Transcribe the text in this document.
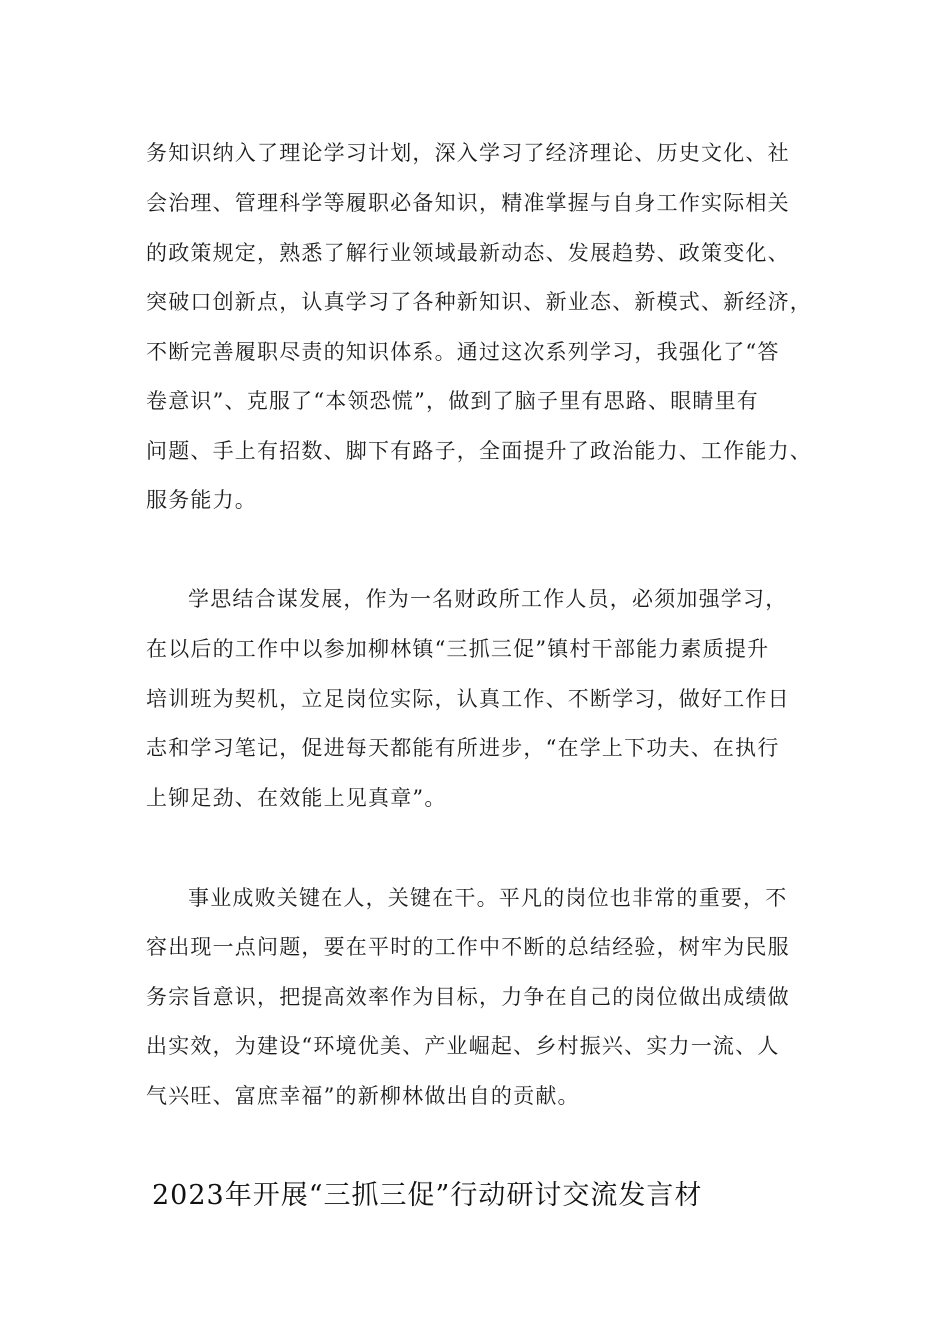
务知识纳入了理论学习计划，深入学习了经济理论、历史文化、社
会治理、管理科学等履职必备知识，精准掌握与自身工作实际相关
的政策规定，熟悉了解行业领域最新动态、发展趋势、政策变化、
突破口创新点，认真学习了各种新知识、新业态、新模式、新经济，
不断完善履职尽责的知识体系。通过这次系列学习，我强化了“答
卷意识”、克服了“本领恐慌”，做到了脑子里有思路、眼睛里有
问题、手上有招数、脚下有路子，全面提升了政治能力、工作能力、
服务能力。
学思结合谋发展，作为一名财政所工作人员，必须加强学习，
在以后的工作中以参加柳林镇“三抓三促”镇村干部能力素质提升
培训班为契机，立足岗位实际，认真工作、不断学习，做好工作日
志和学习笔记，促进每天都能有所进步，“在学上下功夫、在执行
上铆足劲、在效能上见真章”。
事业成败关键在人，关键在干。平凡的岗位也非常的重要，不
容出现一点问题，要在平时的工作中不断的总结经验，树牢为民服
务宗旨意识，把提高效率作为目标，力争在自己的岗位做出成绩做
出实效，为建设“环境优美、产业崛起、乡村振兴、实力一流、人
气兴旺、富庶幸福”的新柳林做出自的贡献。
2023年开展“三抓三促”行动研讨交流发言材
